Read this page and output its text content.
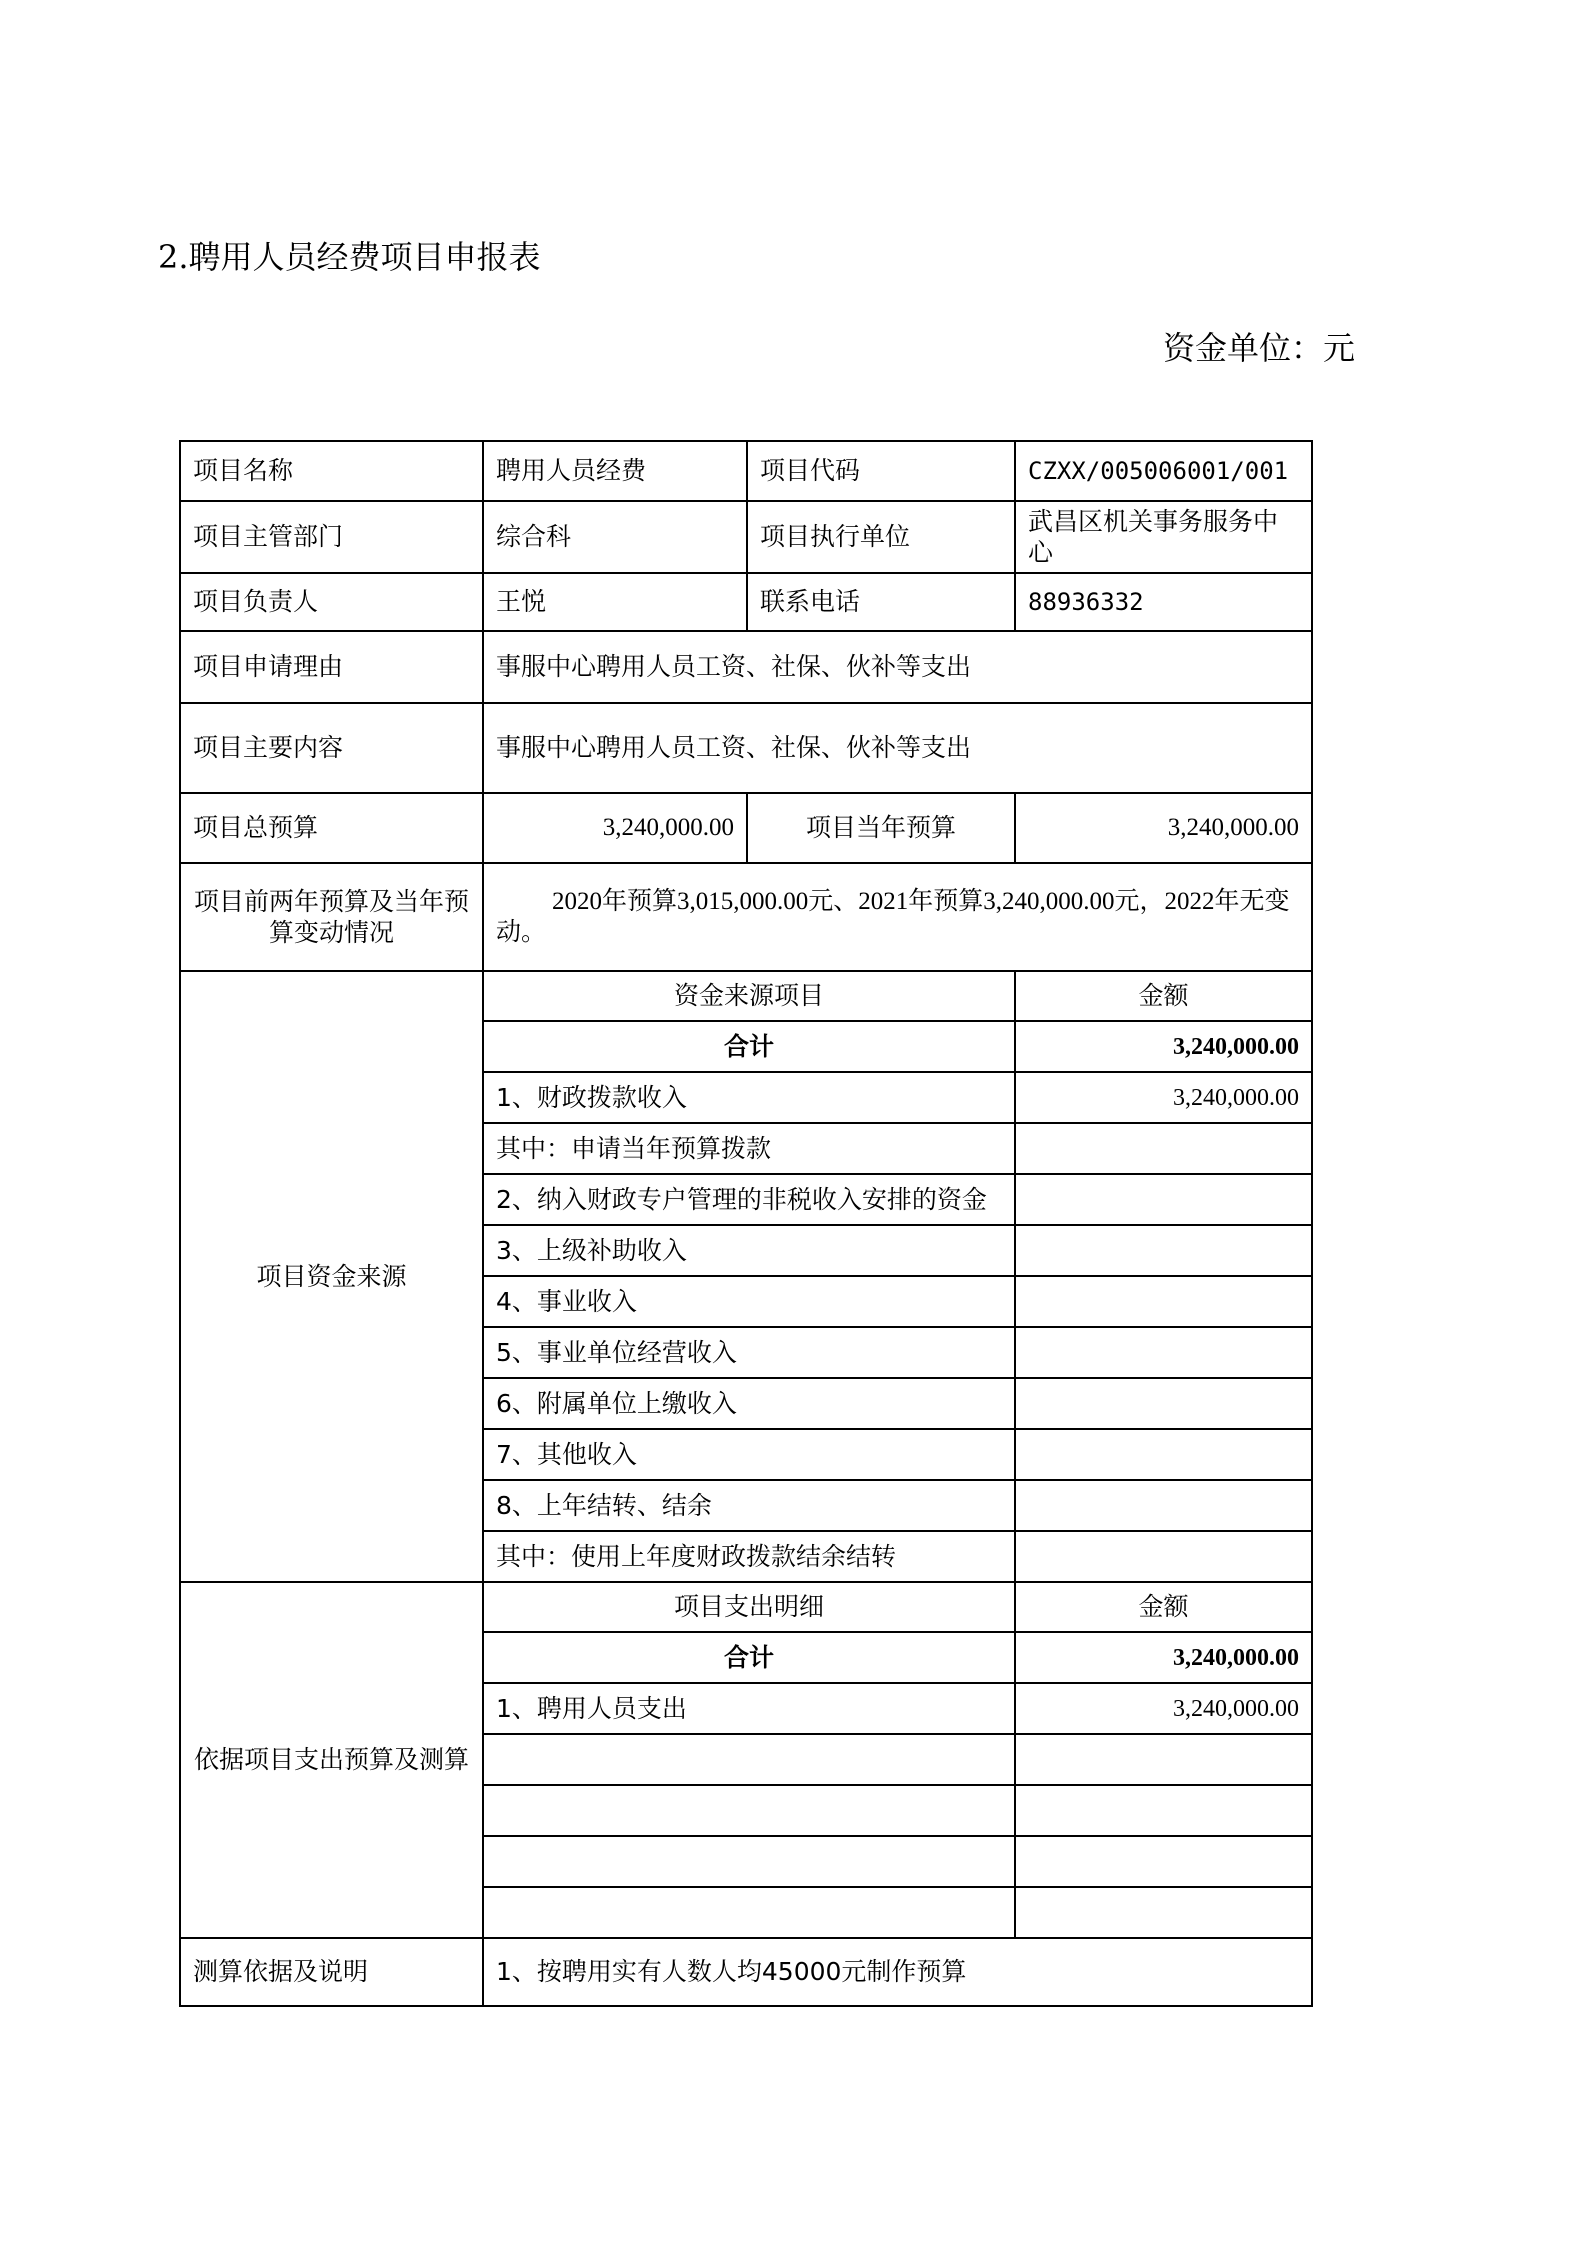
2.聘用人员经费项目申报表
资金单位：元
项目名称	聘用人员经费	项目代码	CZXX/005006001/001
项目主管部门	综合科	项目执行单位	武昌区机关事务服务中心
项目负责人	王悦	联系电话	88936332
项目申请理由	事服中心聘用人员工资、社保、伙补等支出		
项目主要内容	事服中心聘用人员工资、社保、伙补等支出		
项目总预算	3,240,000.00	项目当年预算	3,240,000.00
项目前两年预算及当年预算变动情况	2020年预算3,015,000.00元、2021年预算3,240,000.00元，2022年无变动。		
项目资金来源	资金来源项目		金额
	合计		3,240,000.00
	1、财政拨款收入		3,240,000.00
	其中：申请当年预算拨款		
	2、纳入财政专户管理的非税收入安排的资金		
	3、上级补助收入		
	4、事业收入		
	5、事业单位经营收入		
	6、附属单位上缴收入		
	7、其他收入		
	8、上年结转、结余		
	其中：使用上年度财政拨款结余结转		
依据项目支出预算及测算	项目支出明细		金额
	合计		3,240,000.00
	1、聘用人员支出		3,240,000.00

测算依据及说明	1、按聘用实有人数人均45000元制作预算		
